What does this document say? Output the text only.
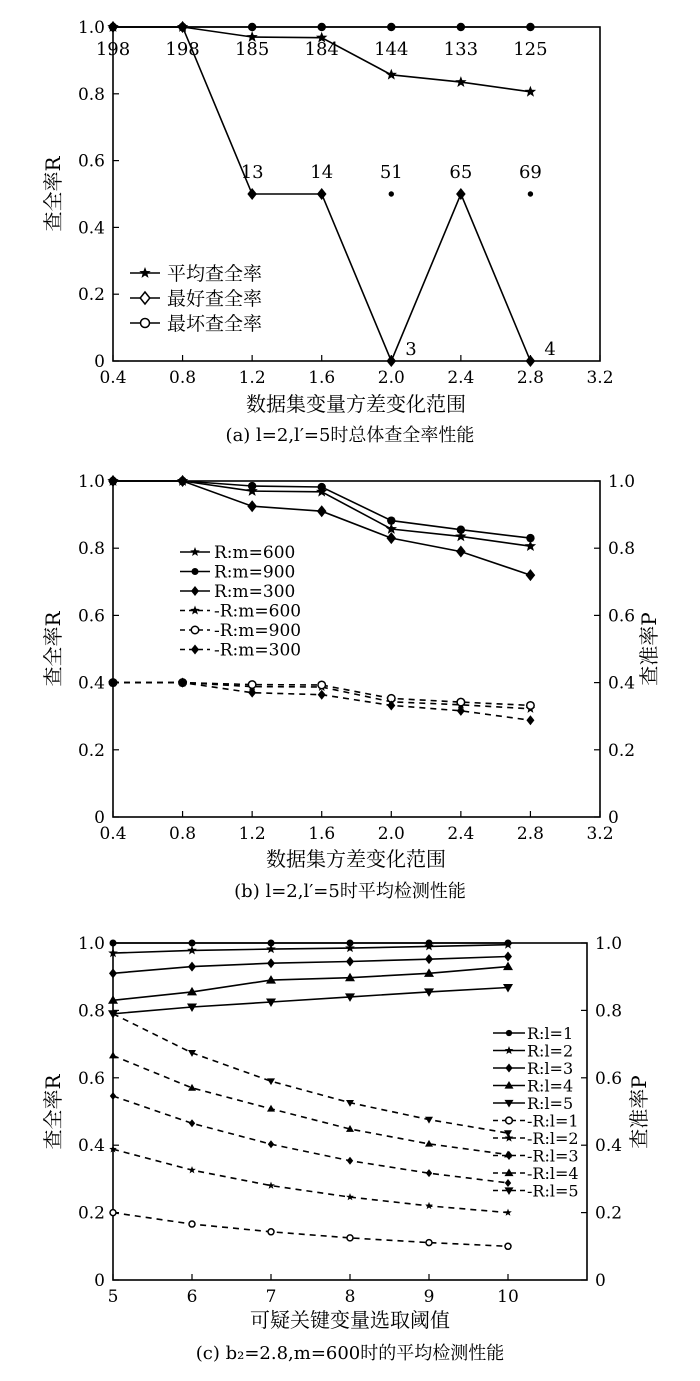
0.4	0.8	1.2	1.6	2.0	2.4	2.8	3.2
0
0.2
0.4
0.6
0.8
1.0
198 198 185 184 144 133 125
13	14	51	65	69
3	4
平均查全率
最好查全率
最坏查全率
数据集变量方差变化范围
查全率R
(a) l=2,l′=5时总体查全率性能
0.4	0.8	1.2	1.6	2.0	2.4	2.8	3.2
0
0.2
0.4
0.6
0.8
1.0
0
0.2
0.4
0.6
0.8
1.0
R:m=600
R:m=900
R:m=300
-R:m=600
-R:m=900
-R:m=300
数据集方差变化范围
查全率R	查准率P
(b) l=2,l′=5时平均检测性能
5	6	7	8	9	10
0
0.2
0.4
0.6
0.8
1.0
0
0.2
0.4
0.6
0.8
1.0
R:l=1
R:l=2
R:l=3
R:l=4
R:l=5
-R:l=1
-R:l=2
-R:l=3
-R:l=4
-R:l=5
可疑关键变量选取阈值
查全率R	查准率P
(c) b₂=2.8,m=600时的平均检测性能
